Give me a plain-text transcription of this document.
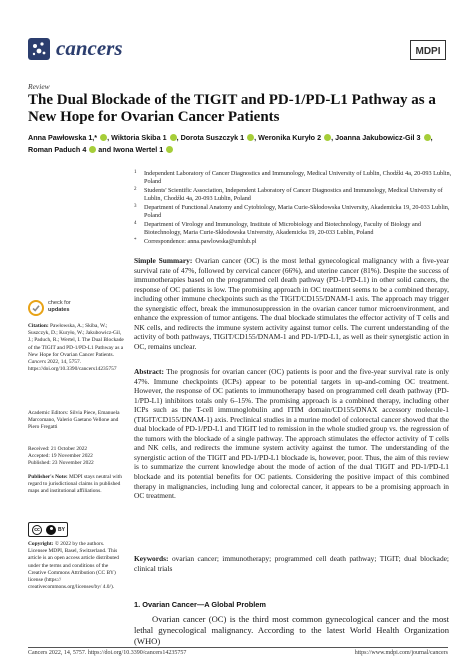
cancers	MDPI
Review
The Dual Blockade of the TIGIT and PD-1/PD-L1 Pathway as a New Hope for Ovarian Cancer Patients
Anna Pawłowska 1,* , Wiktoria Skiba 1 , Dorota Suszczyk 1 , Weronika Kuryło 2 , Joanna Jakubowicz-Gil 3 ,
Roman Paduch 4  and Iwona Wertel 1
1 Independent Laboratory of Cancer Diagnostics and Immunology, Medical University of Lublin, Chodźki 4a, 20-093 Lublin, Poland
2 Students' Scientific Association, Independent Laboratory of Cancer Diagnostics and Immunology, Medical University of Lublin, Chodźki 4a, 20-093 Lublin, Poland
3 Department of Functional Anatomy and Cytobiology, Maria Curie-Skłodowska University, Akademicka 19, 20-033 Lublin, Poland
4 Department of Virology and Immunology, Institute of Microbiology and Biotechnology, Faculty of Biology and Biotechnology, Maria Curie-Skłodowska University, Akademicka 19, 20-033 Lublin, Poland
* Correspondence: anna.pawlowska@umlub.pl
check for
updates
Citation: Pawłowska, A.; Skiba, W.; Suszczyk, D.; Kuryło, W.; Jakubowicz-Gil, J.; Paduch, R.; Wertel, I. The Dual Blockade of the TIGIT and PD-1/PD-L1 Pathway as a New Hope for Ovarian Cancer Patients. Cancers 2022, 14, 5757. https://doi.org/10.3390/cancers14235757
Academic Editors: Silvia Piece, Emanuela Marcomano, Valerio Gaetano Vellone and Piero Fregatti
Received: 21 October 2022
Accepted: 19 November 2022
Published: 23 November 2022
Publisher's Note: MDPI stays neutral with regard to jurisdictional claims in published maps and institutional affiliations.
cc	BY
Copyright: © 2022 by the authors. Licensee MDPI, Basel, Switzerland. This article is an open access article distributed under the terms and conditions of the Creative Commons Attribution (CC BY) license (https:// creativecommons.org/licenses/by/ 4.0/).
Simple Summary: Ovarian cancer (OC) is the most lethal gynecological malignancy with a five-year survival rate of 47%, followed by cervical cancer (66%), and uterine cancer (81%). Despite the success of immunotherapies based on the programmed cell death pathway (PD-1/PD-L1) in other solid cancers, the response of OC patients is low. The promising approach in OC treatment seems to be a combined therapy, including other immune checkpoints such as the TIGIT/CD155/DNAM-1 axis. The approach may trigger the synergistic effect, break the immunosuppression in the ovarian cancer tumor microenvironment, and enhance the expression of tumor antigens. The dual blockade stimulates the effector activity of T cells and NK cells, and redirects the immune system activity against tumor cells. The current understanding of the activity of both pathways, TIGIT/CD155/DNAM-1 and PD-1/PD-L1, as well as their synergistic action in OC, remains unclear.
Abstract: The prognosis for ovarian cancer (OC) patients is poor and the five-year survival rate is only 47%. Immune checkpoints (ICPs) appear to be potential targets in up-and-coming OC treatment. However, the response of OC patients to immunotherapy based on programmed cell death pathway (PD-1/PD-L1) inhibitors totals only 6–15%. The promising approach is a combined therapy, including other ICPs such as the T-cell immunoglobulin and ITIM domain/CD155/DNAX accessory molecule-1 (TIGIT/CD155/DNAM-1) axis. Preclinical studies in a murine model of colorectal cancer showed that the dual blockade of PD-1/PD-L1 and TIGIT led to remission in the whole studied group vs. the regression of the tumors with the blockade of a single pathway. The approach stimulates the effector activity of T cells and NK cells, and redirects the immune system activity against the tumor. The understanding of the synergistic action of the TIGIT and PD-1/PD-L1 blockade is, however, poor. Thus, the aim of this review is to summarize the current knowledge about the mode of action of the dual TIGIT and PD-1/PD-L1 blockade and its potential benefits for OC patients. Considering the positive impact of this combined therapy in malignancies, including lung and colorectal cancer, it appears to be a promising approach in OC treatment.
Keywords: ovarian cancer; immunotherapy; programmed cell death pathway; TIGIT; dual blockade; clinical trials
1. Ovarian Cancer—A Global Problem
Ovarian cancer (OC) is the third most common gynecological cancer and the most lethal gynecological malignancy. According to the latest World Health Organization (WHO)
Cancers 2022, 14, 5757. https://doi.org/10.3390/cancers14235757	https://www.mdpi.com/journal/cancers
